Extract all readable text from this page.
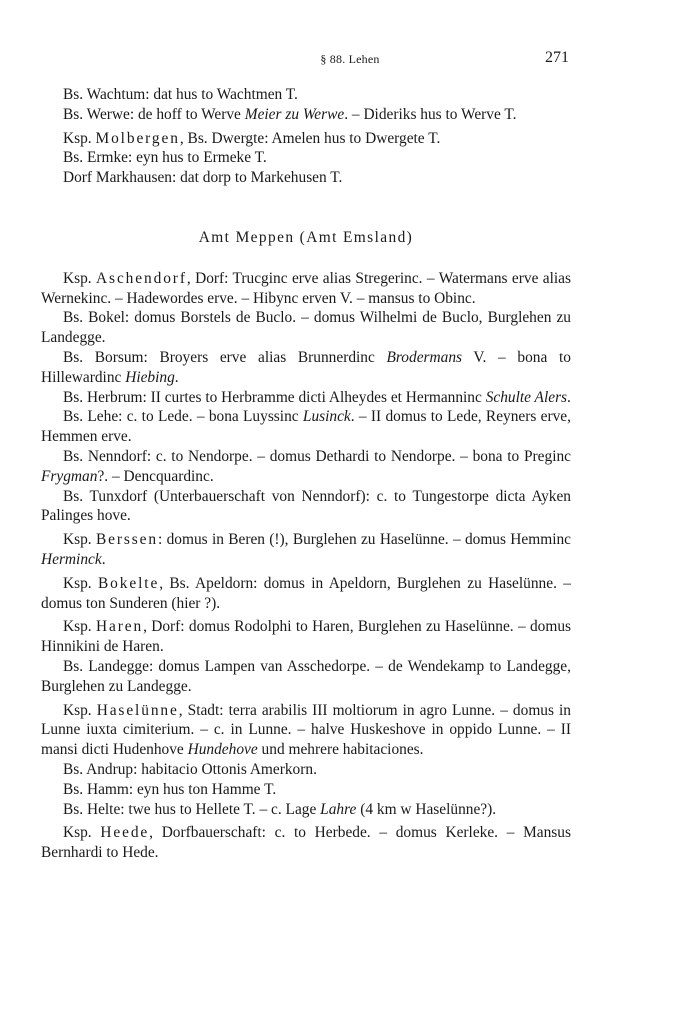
§ 88. Lehen	271

Bs. Wachtum: dat hus to Wachtmen T.

Bs. Werwe: de hoff to Werve Meier zu Werwe. – Dideriks hus to Werve T.

Ksp. Molbergen, Bs. Dwergte: Amelen hus to Dwergete T.

Bs. Ermke: eyn hus to Ermeke T.

Dorf Markhausen: dat dorp to Markehusen T.

Amt Meppen (Amt Emsland)

Ksp. Aschendorf, Dorf: Trucginc erve alias Stregerinc. – Watermans erve alias Wernekinc. – Hadewordes erve. – Hibync erven V. – mansus to Obinc.

Bs. Bokel: domus Borstels de Buclo. – domus Wilhelmi de Buclo, Burglehen zu Landegge.

Bs. Borsum: Broyers erve alias Brunnerdinc Brodermans V. – bona to Hillewardinc Hiebing.

Bs. Herbrum: II curtes to Herbramme dicti Alheydes et Hermanninc Schulte Alers.

Bs. Lehe: c. to Lede. – bona Luyssinc Lusinck. – II domus to Lede, Reyners erve, Hemmen erve.

Bs. Nenndorf: c. to Nendorpe. – domus Dethardi to Nendorpe. – bona to Preginc Frygman?. – Dencquardinc.

Bs. Tunxdorf (Unterbauerschaft von Nenndorf): c. to Tungestorpe dicta Ayken Palinges hove.

Ksp. Berssen: domus in Beren (!), Burglehen zu Haselünne. – domus Hemminc Herminck.

Ksp. Bokelte, Bs. Apeldorn: domus in Apeldorn, Burglehen zu Haselünne. – domus ton Sunderen (hier ?).

Ksp. Haren, Dorf: domus Rodolphi to Haren, Burglehen zu Haselünne. – domus Hinnikini de Haren.

Bs. Landegge: domus Lampen van Asschedorpe. – de Wendekamp to Landegge, Burglehen zu Landegge.

Ksp. Haselünne, Stadt: terra arabilis III moltiorum in agro Lunne. – domus in Lunne iuxta cimiterium. – c. in Lunne. – halve Huskeshove in oppido Lunne. – II mansi dicti Hudenhove Hundehove und mehrere habitaciones.

Bs. Andrup: habitacio Ottonis Amerkorn.

Bs. Hamm: eyn hus ton Hamme T.

Bs. Helte: twe hus to Hellete T. – c. Lage Lahre (4 km w Haselünne?).

Ksp. Heede, Dorfbauerschaft: c. to Herbede. – domus Kerleke. – Mansus Bernhardi to Hede.
